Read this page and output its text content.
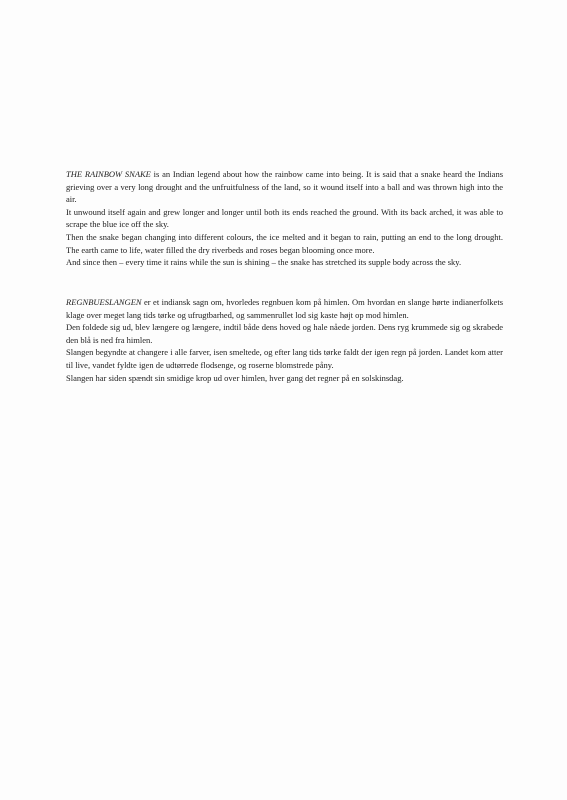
THE RAINBOW SNAKE is an Indian legend about how the rainbow came into being. It is said that a snake heard the Indians grieving over a very long drought and the unfruitfulness of the land, so it wound itself into a ball and was thrown high into the air.

It unwound itself again and grew longer and longer until both its ends reached the ground. With its back arched, it was able to scrape the blue ice off the sky.

Then the snake began changing into different colours, the ice melted and it began to rain, putting an end to the long drought. The earth came to life, water filled the dry riverbeds and roses began blooming once more.

And since then – every time it rains while the sun is shining – the snake has stretched its supple body across the sky.

REGNBUESLANGEN er et indiansk sagn om, hvorledes regnbuen kom på himlen. Om hvordan en slange hørte indianerfolkets klage over meget lang tids tørke og ufrugtbarhed, og sammenrullet lod sig kaste højt op mod himlen.

Den foldede sig ud, blev længere og længere, indtil både dens hoved og hale nåede jorden. Dens ryg krummede sig og skrabede den blå is ned fra himlen.

Slangen begyndte at changere i alle farver, isen smeltede, og efter lang tids tørke faldt der igen regn på jorden. Landet kom atter til live, vandet fyldte igen de udtørrede flodsenge, og roserne blomstrede påny.

Slangen har siden spændt sin smidige krop ud over himlen, hver gang det regner på en solskinsdag.
